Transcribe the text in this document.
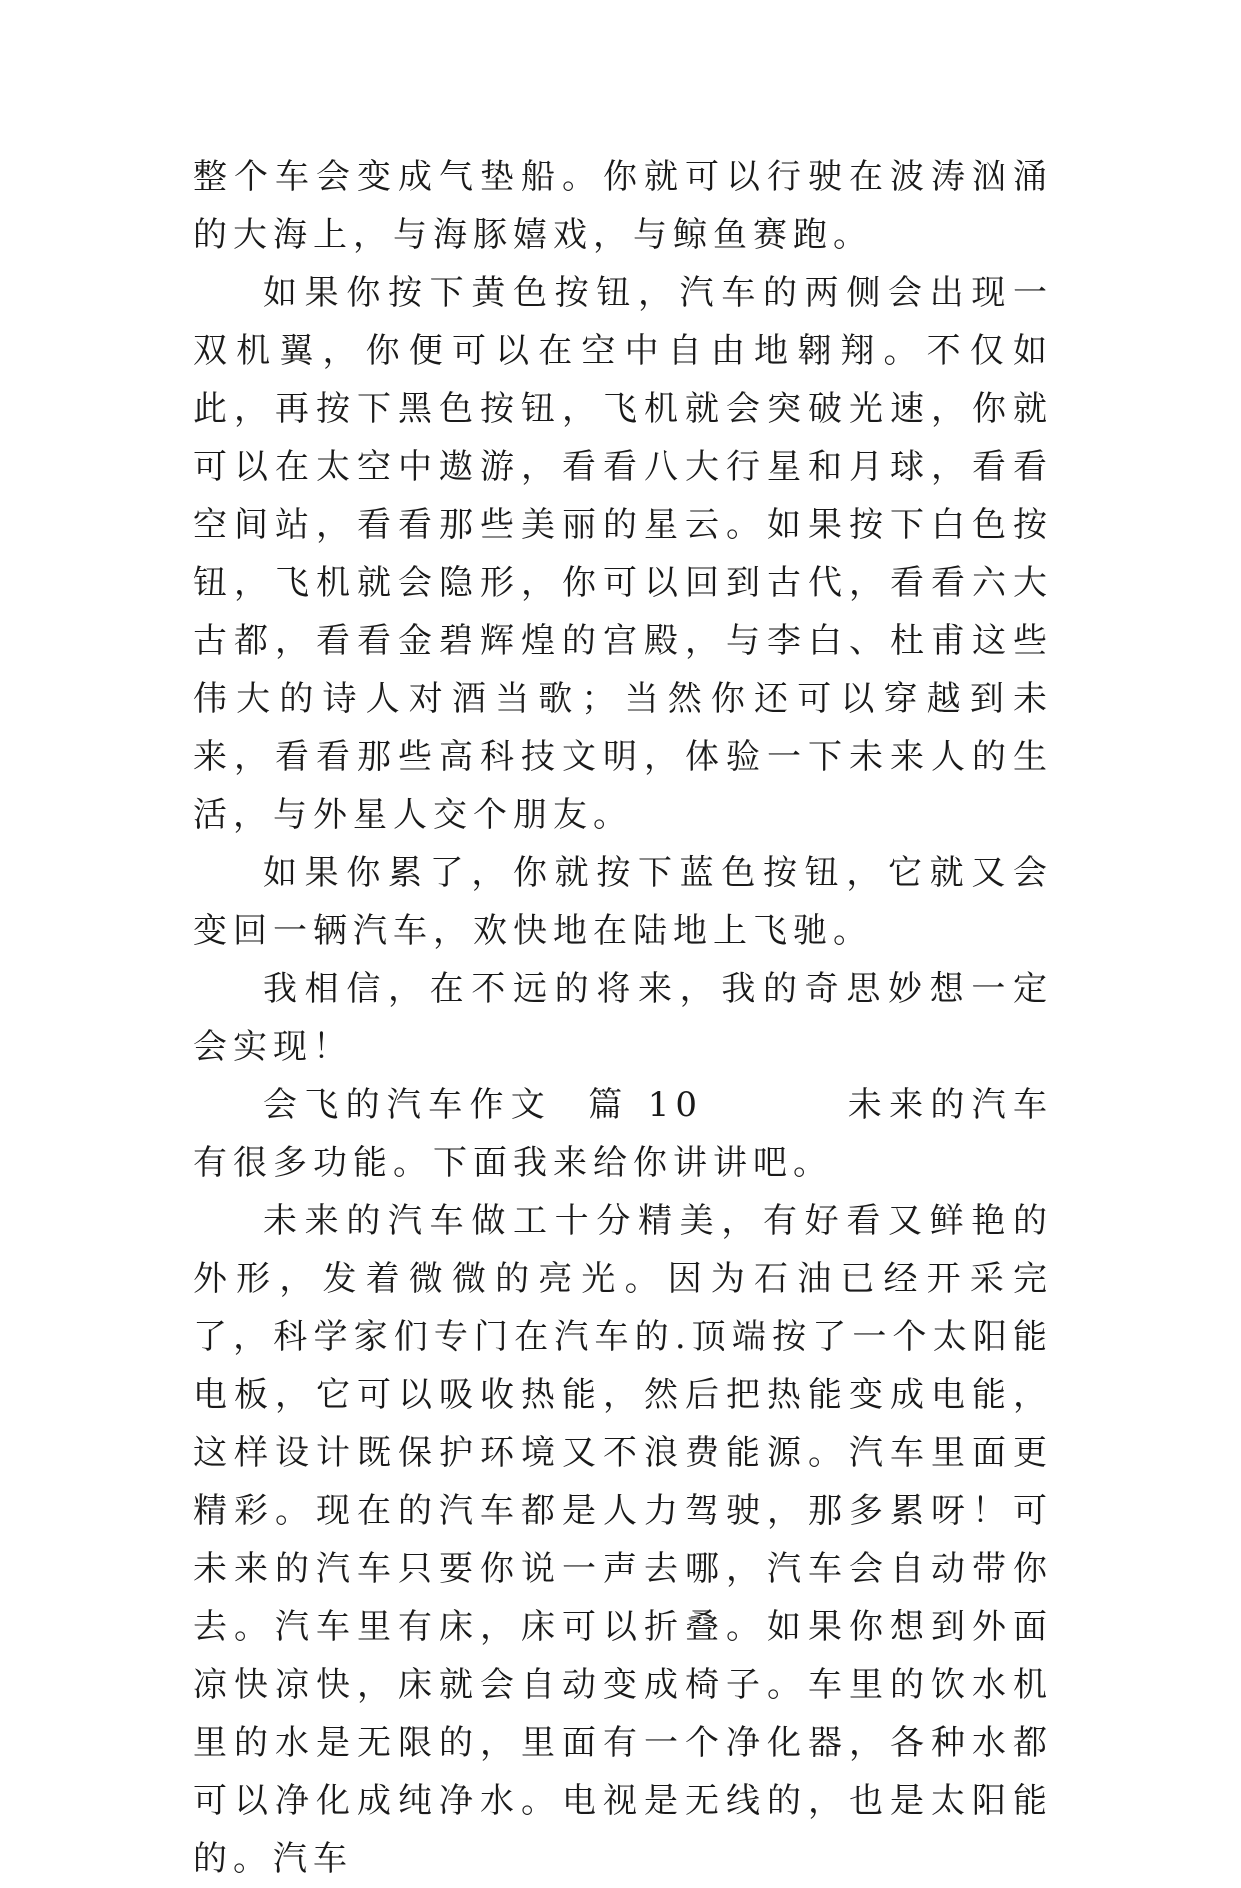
整个车会变成气垫船。你就可以行驶在波涛汹涌的大海上，与海豚嬉戏，与鲸鱼赛跑。

如果你按下黄色按钮，汽车的两侧会出现一双机翼，你便可以在空中自由地翱翔。不仅如此，再按下黑色按钮，飞机就会突破光速，你就可以在太空中遨游，看看八大行星和月球，看看空间站，看看那些美丽的星云。如果按下白色按钮，飞机就会隐形，你可以回到古代，看看六大古都，看看金碧辉煌的宫殿，与李白、杜甫这些伟大的诗人对酒当歌；当然你还可以穿越到未来，看看那些高科技文明，体验一下未来人的生活，与外星人交个朋友。

如果你累了，你就按下蓝色按钮，它就又会变回一辆汽车，欢快地在陆地上飞驰。

我相信，在不远的将来，我的奇思妙想一定会实现！

会飞的汽车作文  篇 10        未来的汽车有很多功能。下面我来给你讲讲吧。

未来的汽车做工十分精美，有好看又鲜艳的外形，发着微微的亮光。因为石油已经开采完了，科学家们专门在汽车的.顶端按了一个太阳能电板，它可以吸收热能，然后把热能变成电能，这样设计既保护环境又不浪费能源。汽车里面更精彩。现在的汽车都是人力驾驶，那多累呀！可未来的汽车只要你说一声去哪，汽车会自动带你去。汽车里有床，床可以折叠。如果你想到外面凉快凉快，床就会自动变成椅子。车里的饮水机里的水是无限的，里面有一个净化器，各种水都可以净化成纯净水。电视是无线的，也是太阳能的。汽车
